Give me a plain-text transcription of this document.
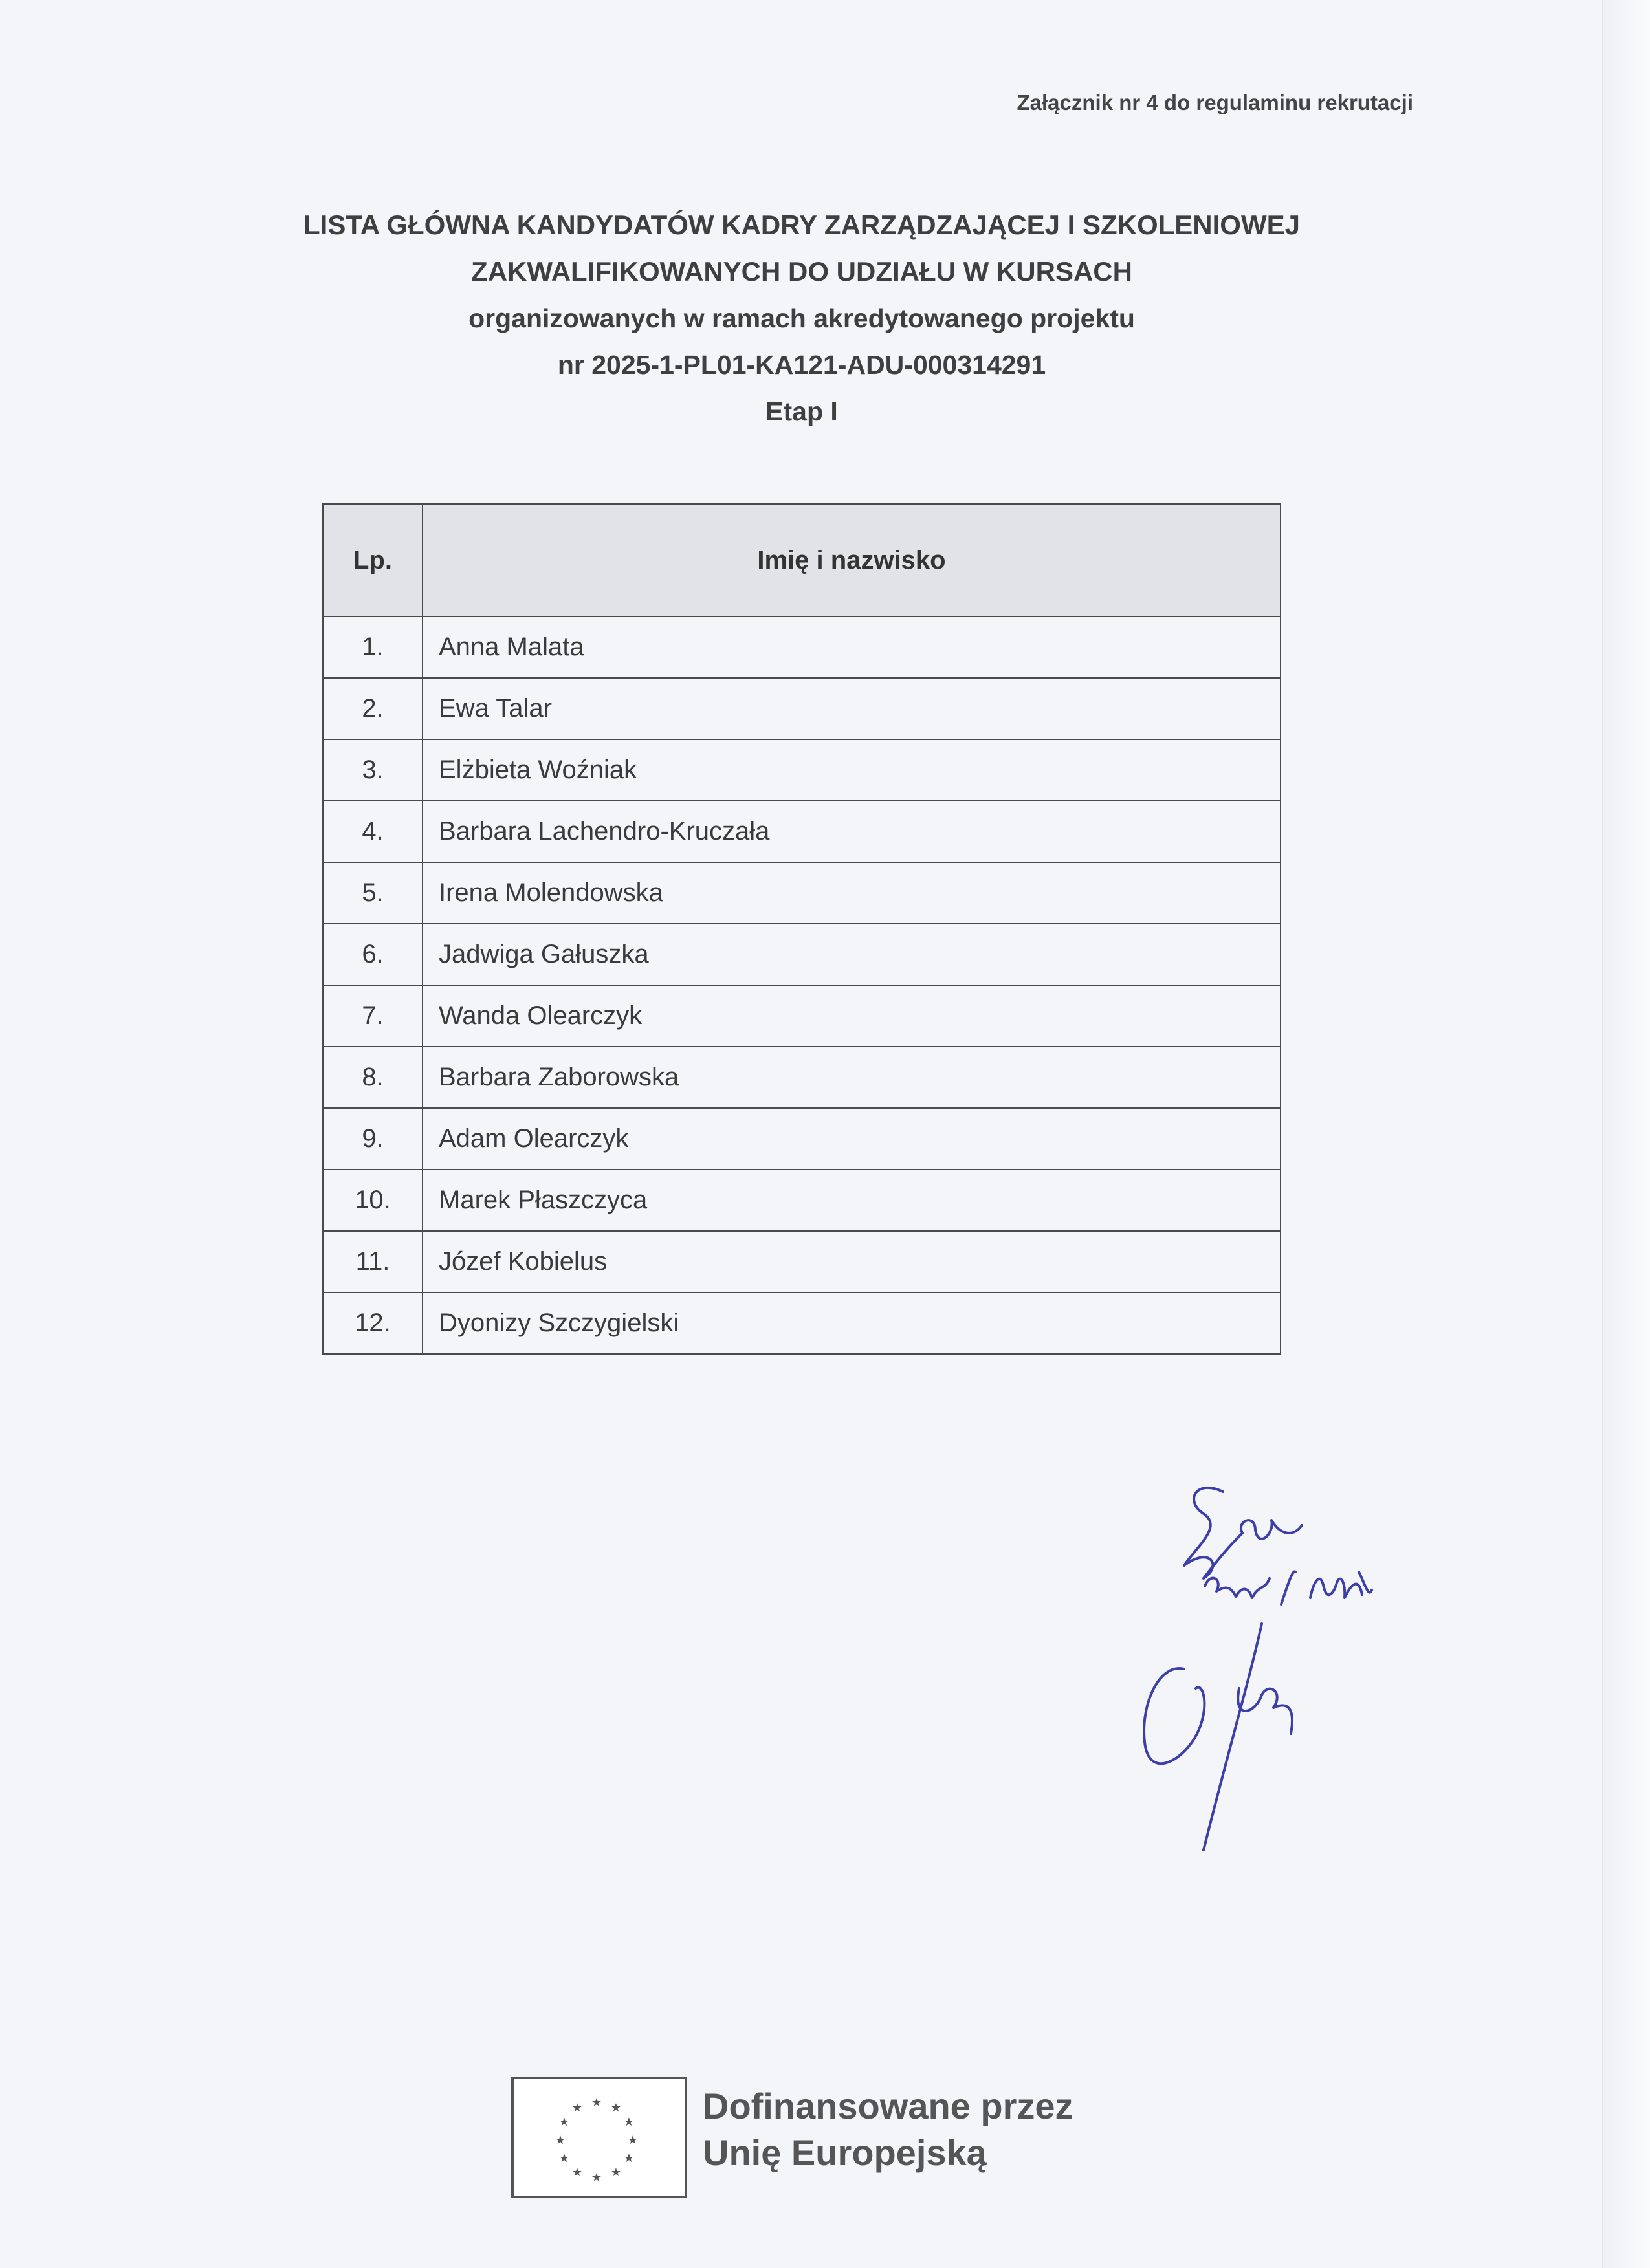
Załącznik nr 4 do regulaminu rekrutacji
LISTA GŁÓWNA KANDYDATÓW KADRY ZARZĄDZAJĄCEJ I SZKOLENIOWEJ
ZAKWALIFIKOWANYCH DO UDZIAŁU W KURSACH
organizowanych w ramach akredytowanego projektu
nr 2025-1-PL01-KA121-ADU-000314291
Etap I
Lp.	Imię i nazwisko
1.	Anna Malata
2.	Ewa Talar
3.	Elżbieta Woźniak
4.	Barbara Lachendro-Kruczała
5.	Irena Molendowska
6.	Jadwiga Gałuszka
7.	Wanda Olearczyk
8.	Barbara Zaborowska
9.	Adam Olearczyk
10.	Marek Płaszczyca
11.	Józef Kobielus
12.	Dyonizy Szczygielski
★ ★
★
★
★
★
★
★
★
★
★
★	Dofinansowane przez
Unię Europejską
